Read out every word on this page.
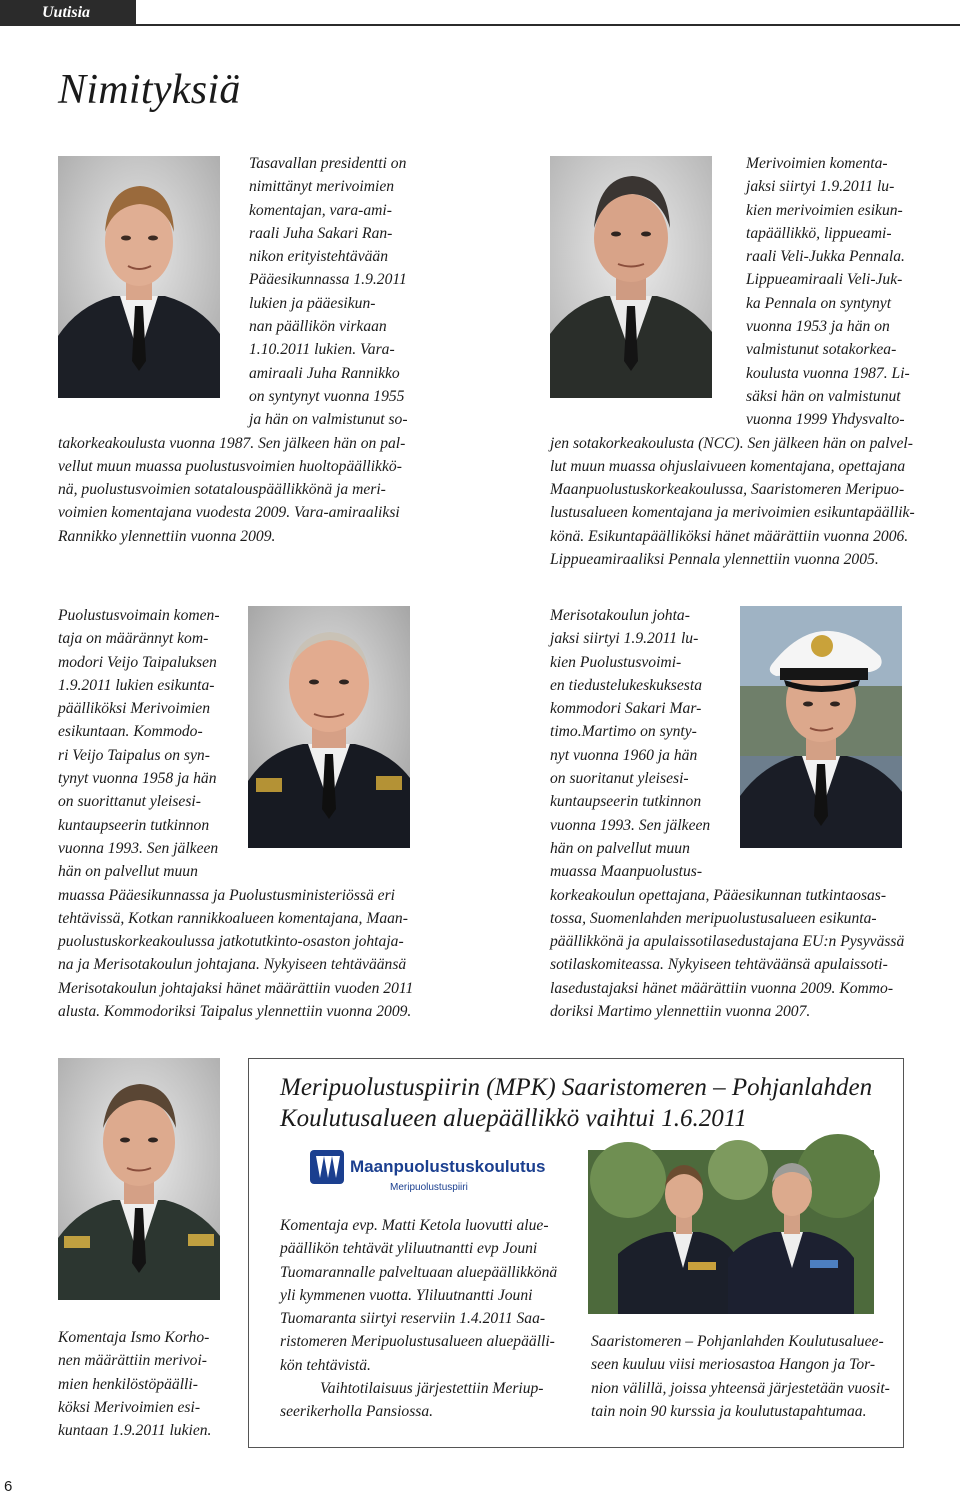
Uutisia
Nimityksiä

Tasavallan presidentti on

nimittänyt merivoimien

komentajan, vara-ami-

raali Juha Sakari Ran-

nikon erityistehtävään

Pääesikunnassa 1.9.2011

lukien ja pääesikun-

nan päällikön virkaan

1.10.2011 lukien. Vara-

amiraali Juha Rannikko

on syntynyt vuonna 1955

ja hän on valmistunut so-

takorkeakoulusta vuonna 1987. Sen jälkeen hän on pal-

vellut muun muassa puolustusvoimien huoltopäällikkö-

nä, puolustusvoimien sotatalouspäällikkönä ja meri-

voimien komentajana vuodesta 2009. Vara-amiraaliksi

Rannikko ylennettiin vuonna 2009.

Merivoimien komenta-

jaksi siirtyi 1.9.2011 lu-

kien merivoimien esikun-

tapäällikkö, lippueami-

raali Veli-Jukka Pennala.

Lippueamiraali Veli-Juk-

ka Pennala on syntynyt

vuonna 1953 ja hän on

valmistunut sotakorkea-

koulusta vuonna 1987. Li-

säksi hän on valmistunut

vuonna 1999 Yhdysvalto-

jen sotakorkeakoulusta (NCC). Sen jälkeen hän on palvel-

lut muun muassa ohjuslaivueen komentajana, opettajana

Maanpuolustuskorkeakoulussa, Saaristomeren Meripuo-

lustusalueen komentajana ja merivoimien esikuntapäällik-

könä. Esikuntapäälliköksi hänet määrättiin vuonna 2006.

Lippueamiraaliksi Pennala ylennettiin vuonna 2005.

Puolustusvoimain komen-

taja on määrännyt kom-

modori Veijo Taipaluksen

1.9.2011 lukien esikunta-

päälliköksi Merivoimien

esikuntaan. Kommodo-

ri Veijo Taipalus on syn-

tynyt vuonna 1958 ja hän

on suorittanut yleisesi-

kuntaupseerin tutkinnon

vuonna 1993. Sen jälkeen

hän on palvellut muun

muassa Pääesikunnassa ja Puolustusministeriössä eri

tehtävissä, Kotkan rannikkoalueen komentajana, Maan-

puolustuskorkeakoulussa jatkotutkinto-osaston johtaja-

na ja Merisotakoulun johtajana. Nykyiseen tehtäväänsä

Merisotakoulun johtajaksi hänet määrättiin vuoden 2011

alusta. Kommodoriksi Taipalus ylennettiin vuonna 2009.

Merisotakoulun johta-

jaksi siirtyi 1.9.2011 lu-

kien Puolustusvoimi-

en tiedustelukeskuksesta

kommodori Sakari Mar-

timo.Martimo on synty-

nyt vuonna 1960 ja hän

on suoritanut yleisesi-

kuntaupseerin tutkinnon

vuonna 1993. Sen jälkeen

hän on palvellut muun

muassa Maanpuolustus-

korkeakoulun opettajana, Pääesikunnan tutkintaosas-

tossa, Suomenlahden meripuolustusalueen esikunta-

päällikkönä ja apulaissotilasedustajana EU:n Pysyvässä

sotilaskomiteassa. Nykyiseen tehtäväänsä apulaissoti-

lasedustajaksi hänet määrättiin vuonna 2009. Kommo-

doriksi Martimo ylennettiin vuonna 2007.

Komentaja Ismo Korho-

nen määrättiin merivoi-

mien henkilöstöpäälli-

köksi Merivoimien esi-

kuntaan 1.9.2011 lukien.

Meripuolustuspiirin (MPK) Saaristomeren – Pohjanlahden
Koulutusalueen aluepäällikkö vaihtui 1.6.2011
Maanpuolustuskoulutus
Meripuolustuspiiri

Komentaja evp. Matti Ketola luovutti alue-

päällikön tehtävät yliluutnantti evp Jouni

Tuomarannalle palveltuaan aluepäällikkönä

yli kymmenen vuotta. Yliluutnantti Jouni

Tuomaranta siirtyi reserviin 1.4.2011 Saa-

ristomeren Meripuolustusalueen aluepäälli-

kön tehtävistä.

Vaihtotilaisuus järjestettiin Meriup-

seerikerholla Pansiossa.

Saaristomeren – Pohjanlahden Koulutusaluee-

seen kuuluu viisi meriosastoa Hangon ja Tor-

nion välillä, joissa yhteensä järjestetään vuosit-

tain noin 90 kurssia ja koulutustapahtumaa.

6
